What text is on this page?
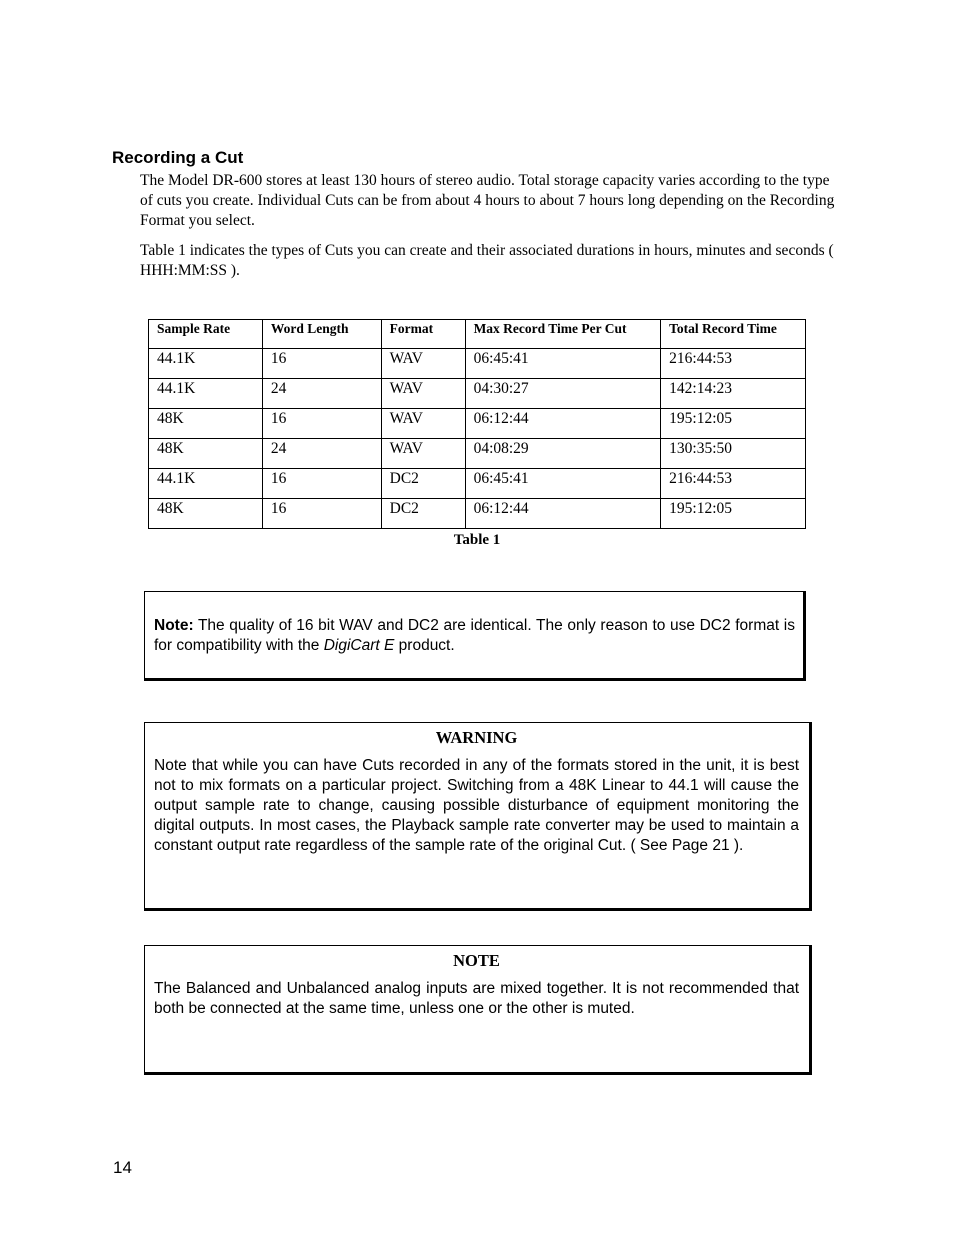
Recording a Cut

The Model DR-600 stores at least 130 hours of stereo audio. Total storage capacity varies according to the type of cuts you create. Individual Cuts can be from about 4 hours to about 7 hours long depending on the Recording Format you select.

Table 1 indicates the types of Cuts you can create and their associated durations in hours, minutes and seconds ( HHH:MM:SS ).

Sample Rate	Word Length	Format	Max Record Time Per Cut	Total Record Time
44.1K	16	WAV	06:45:41	216:44:53
44.1K	24	WAV	04:30:27	142:14:23
48K	16	WAV	06:12:44	195:12:05
48K	24	WAV	04:08:29	130:35:50
44.1K	16	DC2	06:45:41	216:44:53
48K	16	DC2	06:12:44	195:12:05
Table 1

Note: The quality of 16 bit WAV and DC2 are identical. The only reason to use DC2 format is for compatibility with the DigiCart E product.

WARNING

Note that while you can have Cuts recorded in any of the formats stored in the unit, it is best not to mix formats on a particular project. Switching from a 48K Linear to 44.1 will cause the output sample rate to change, causing possible disturbance of equipment monitoring the digital outputs. In most cases, the Playback sample rate converter may be used to maintain a constant output rate regardless of the sample rate of the original Cut. ( See Page 21 ).

NOTE

The Balanced and Unbalanced analog inputs are mixed together. It is not recommended that both be connected at the same time, unless one or the other is muted.

14
